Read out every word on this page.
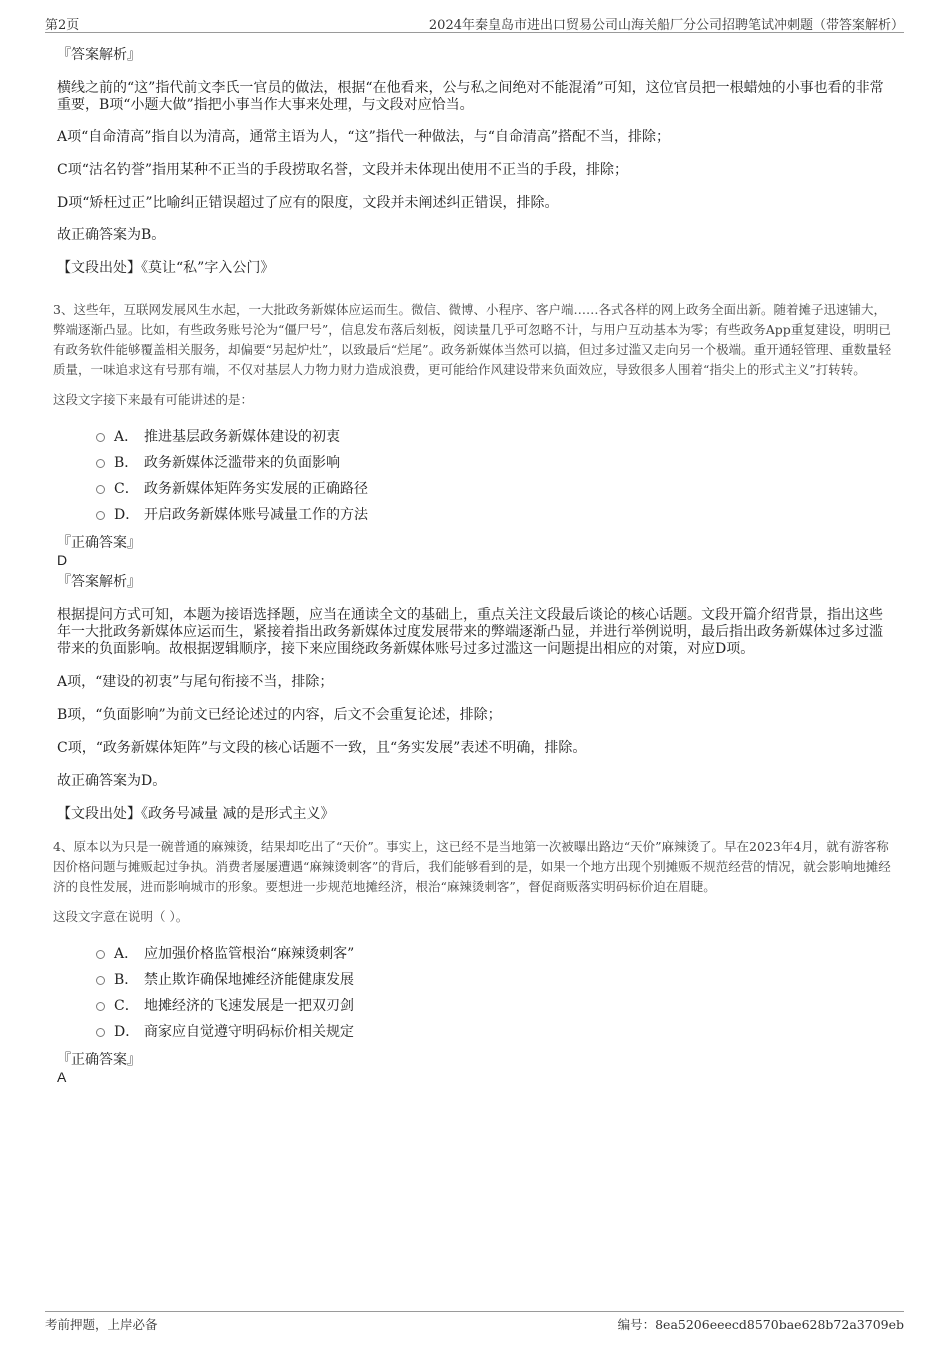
第2页	2024年秦皇岛市进出口贸易公司山海关船厂分公司招聘笔试冲刺题（带答案解析）

『答案解析』

横线之前的“这”指代前文李氏一官员的做法，根据“在他看来，公与私之间绝对不能混淆”可知，这位官员把一根蜡烛的小事也看的非常重要，B项“小题大做”指把小事当作大事来处理，与文段对应恰当。

A项“自命清高”指自以为清高，通常主语为人，“这”指代一种做法，与“自命清高”搭配不当，排除；

C项“沽名钓誉”指用某种不正当的手段捞取名誉，文段并未体现出使用不正当的手段，排除；

D项“矫枉过正”比喻纠正错误超过了应有的限度，文段并未阐述纠正错误，排除。

故正确答案为B。

【文段出处】《莫让“私”字入公门》

3、这些年，互联网发展风生水起，一大批政务新媒体应运而生。微信、微博、小程序、客户端……各式各样的网上政务全面出新。随着摊子迅速铺大，弊端逐渐凸显。比如，有些政务账号沦为“僵尸号”，信息发布落后刻板，阅读量几乎可忽略不计，与用户互动基本为零；有些政务App重复建设，明明已有政务软件能够覆盖相关服务，却偏要“另起炉灶”，以致最后“烂尾”。政务新媒体当然可以搞，但过多过滥又走向另一个极端。重开通轻管理、重数量轻质量，一味追求这有号那有端，不仅对基层人力物力财力造成浪费，更可能给作风建设带来负面效应，导致很多人围着“指尖上的形式主义”打转转。

这段文字接下来最有可能讲述的是：

A． 推进基层政务新媒体建设的初衷
B． 政务新媒体泛滥带来的负面影响
C． 政务新媒体矩阵务实发展的正确路径
D． 开启政务新媒体账号减量工作的方法

『正确答案』

D

『答案解析』

根据提问方式可知，本题为接语选择题，应当在通读全文的基础上，重点关注文段最后谈论的核心话题。文段开篇介绍背景，指出这些年一大批政务新媒体应运而生，紧接着指出政务新媒体过度发展带来的弊端逐渐凸显，并进行举例说明，最后指出政务新媒体过多过滥带来的负面影响。故根据逻辑顺序，接下来应围绕政务新媒体账号过多过滥这一问题提出相应的对策，对应D项。

A项，“建设的初衷”与尾句衔接不当，排除；

B项，“负面影响”为前文已经论述过的内容，后文不会重复论述，排除；

C项，“政务新媒体矩阵”与文段的核心话题不一致，且“务实发展”表述不明确，排除。

故正确答案为D。

【文段出处】《政务号减量 减的是形式主义》

4、原本以为只是一碗普通的麻辣烫，结果却吃出了“天价”。事实上，这已经不是当地第一次被曝出路边“天价”麻辣烫了。早在2023年4月，就有游客称因价格问题与摊贩起过争执。消费者屡屡遭遇“麻辣烫刺客”的背后，我们能够看到的是，如果一个地方出现个别摊贩不规范经营的情况，就会影响地摊经济的良性发展，进而影响城市的形象。要想进一步规范地摊经济，根治“麻辣烫刺客”，督促商贩落实明码标价迫在眉睫。

这段文字意在说明（ ）。

A． 应加强价格监管根治“麻辣烫刺客”
B． 禁止欺诈确保地摊经济能健康发展
C． 地摊经济的飞速发展是一把双刃剑
D． 商家应自觉遵守明码标价相关规定

『正确答案』

A

考前押题，上岸必备	编号：8ea5206eeecd8570bae628b72a3709eb
